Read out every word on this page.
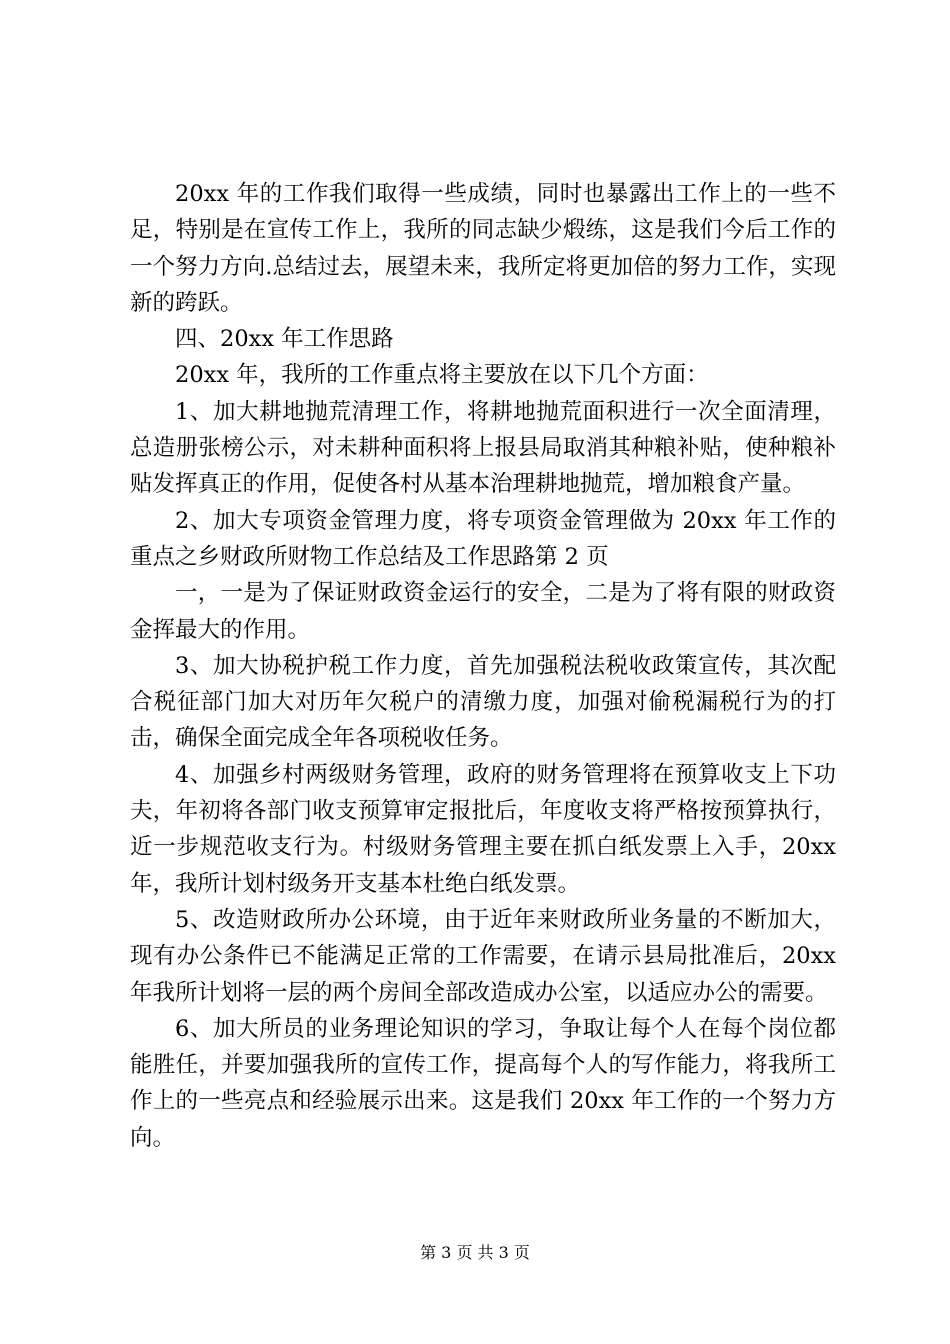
20xx 年的工作我们取得一些成绩，同时也暴露出工作上的一些不足，特别是在宣传工作上，我所的同志缺少煅练，这是我们今后工作的一个努力方向.总结过去，展望未来，我所定将更加倍的努力工作，实现新的跨跃。

四、20xx 年工作思路

20xx 年，我所的工作重点将主要放在以下几个方面：

1、加大耕地抛荒清理工作，将耕地抛荒面积进行一次全面清理，总造册张榜公示，对未耕种面积将上报县局取消其种粮补贴，使种粮补贴发挥真正的作用，促使各村从基本治理耕地抛荒，增加粮食产量。

2、加大专项资金管理力度，将专项资金管理做为 20xx 年工作的重点之乡财政所财物工作总结及工作思路第 2 页

一，一是为了保证财政资金运行的安全，二是为了将有限的财政资金挥最大的作用。

3、加大协税护税工作力度，首先加强税法税收政策宣传，其次配合税征部门加大对历年欠税户的清缴力度，加强对偷税漏税行为的打击，确保全面完成全年各项税收任务。

4、加强乡村两级财务管理，政府的财务管理将在预算收支上下功夫，年初将各部门收支预算审定报批后，年度收支将严格按预算执行，近一步规范收支行为。村级财务管理主要在抓白纸发票上入手，20xx 年，我所计划村级务开支基本杜绝白纸发票。

5、改造财政所办公环境，由于近年来财政所业务量的不断加大，现有办公条件已不能满足正常的工作需要，在请示县局批准后，20xx 年我所计划将一层的两个房间全部改造成办公室，以适应办公的需要。

6、加大所员的业务理论知识的学习，争取让每个人在每个岗位都能胜任，并要加强我所的宣传工作，提高每个人的写作能力，将我所工作上的一些亮点和经验展示出来。这是我们 20xx 年工作的一个努力方向。

第 3 页 共 3 页
